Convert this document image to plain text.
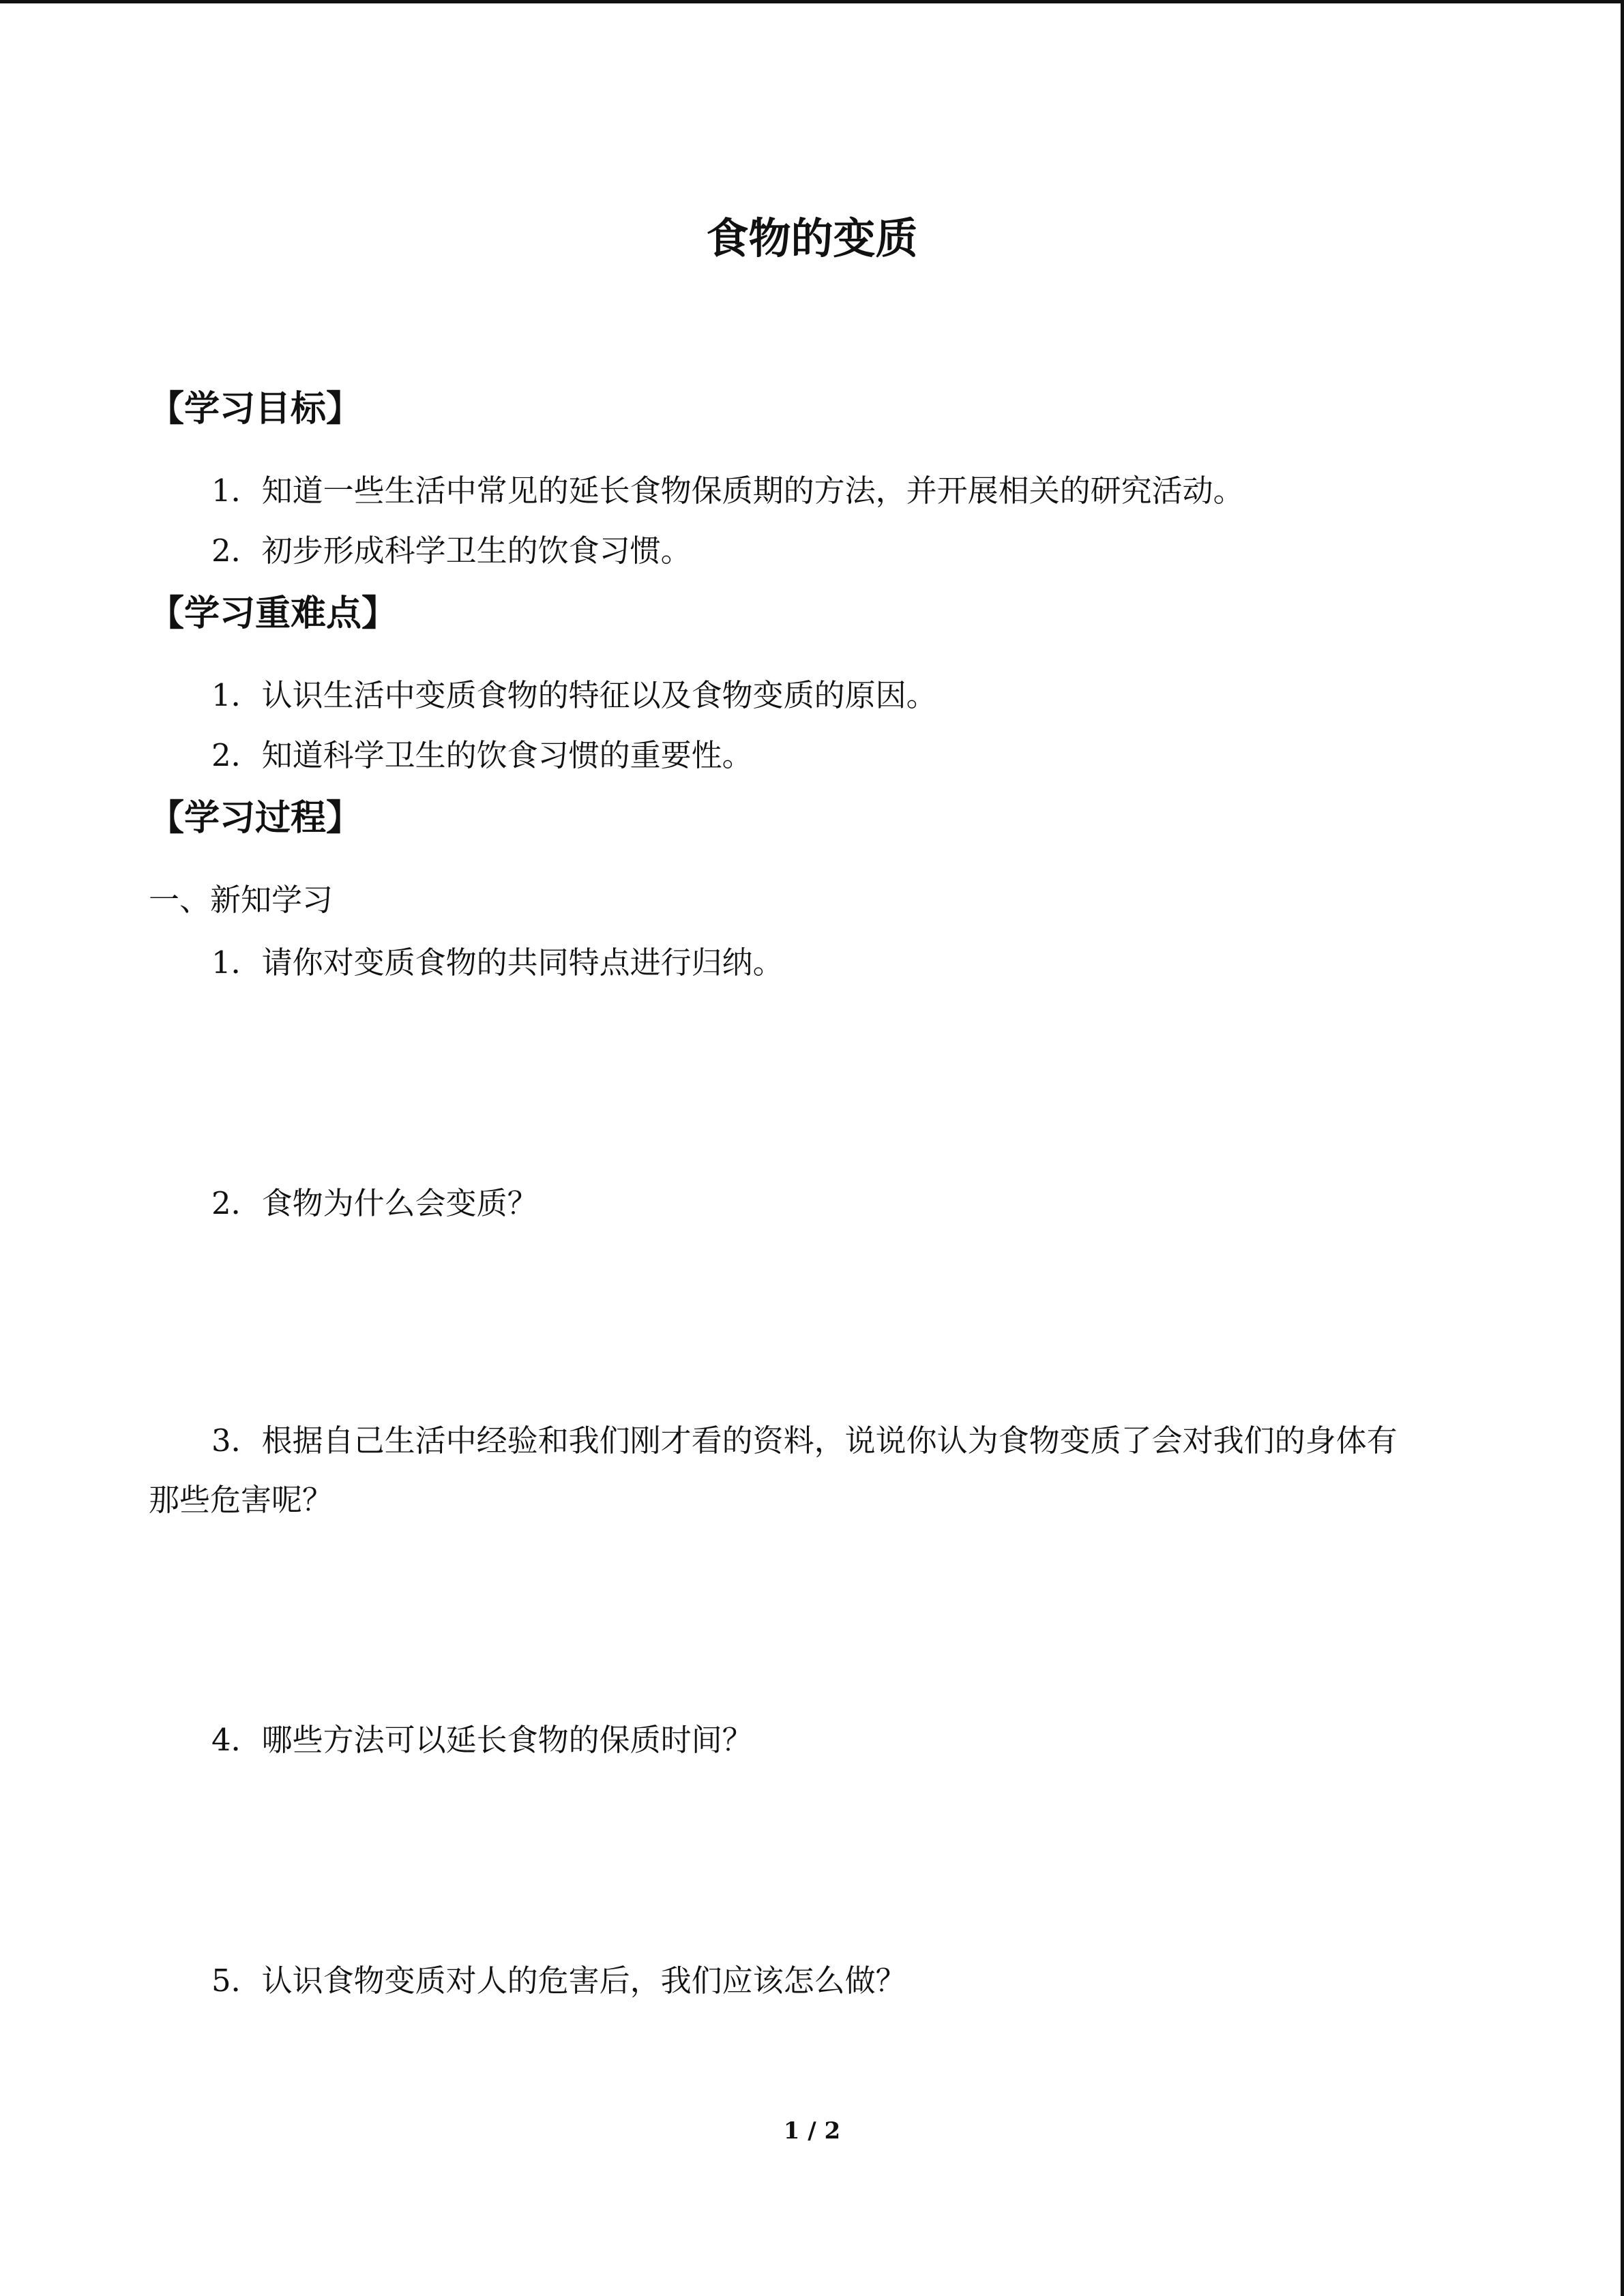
食物的变质
【学习目标】
1．知道一些生活中常见的延长食物保质期的方法，并开展相关的研究活动。
2．初步形成科学卫生的饮食习惯。
【学习重难点】
1．认识生活中变质食物的特征以及食物变质的原因。
2．知道科学卫生的饮食习惯的重要性。
【学习过程】
一、新知学习
1．请你对变质食物的共同特点进行归纳。
2．食物为什么会变质？
3．根据自己生活中经验和我们刚才看的资料，说说你认为食物变质了会对我们的身体有
那些危害呢？
4．哪些方法可以延长食物的保质时间？
5．认识食物变质对人的危害后，我们应该怎么做？
1 / 2
